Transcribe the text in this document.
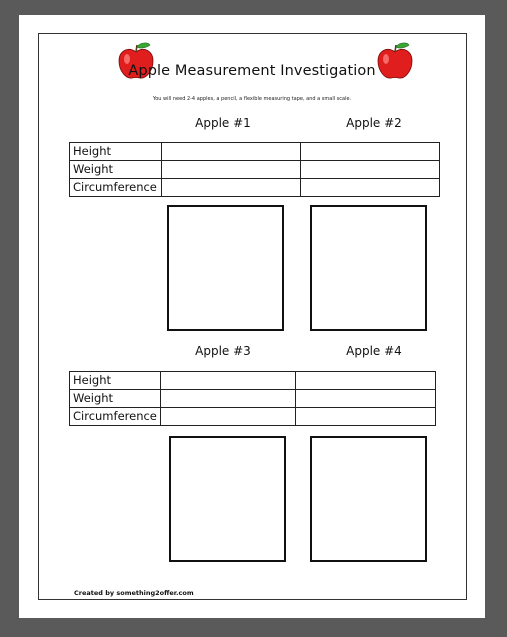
Apple Measurement Investigation
You will need 2-4 apples, a pencil, a flexible measuring tape, and a small scale.
Apple #1	Apple #2
Height		
Weight		
Circumference		
Apple #3	Apple #4
Height		
Weight		
Circumference		
Created by something2offer.com
